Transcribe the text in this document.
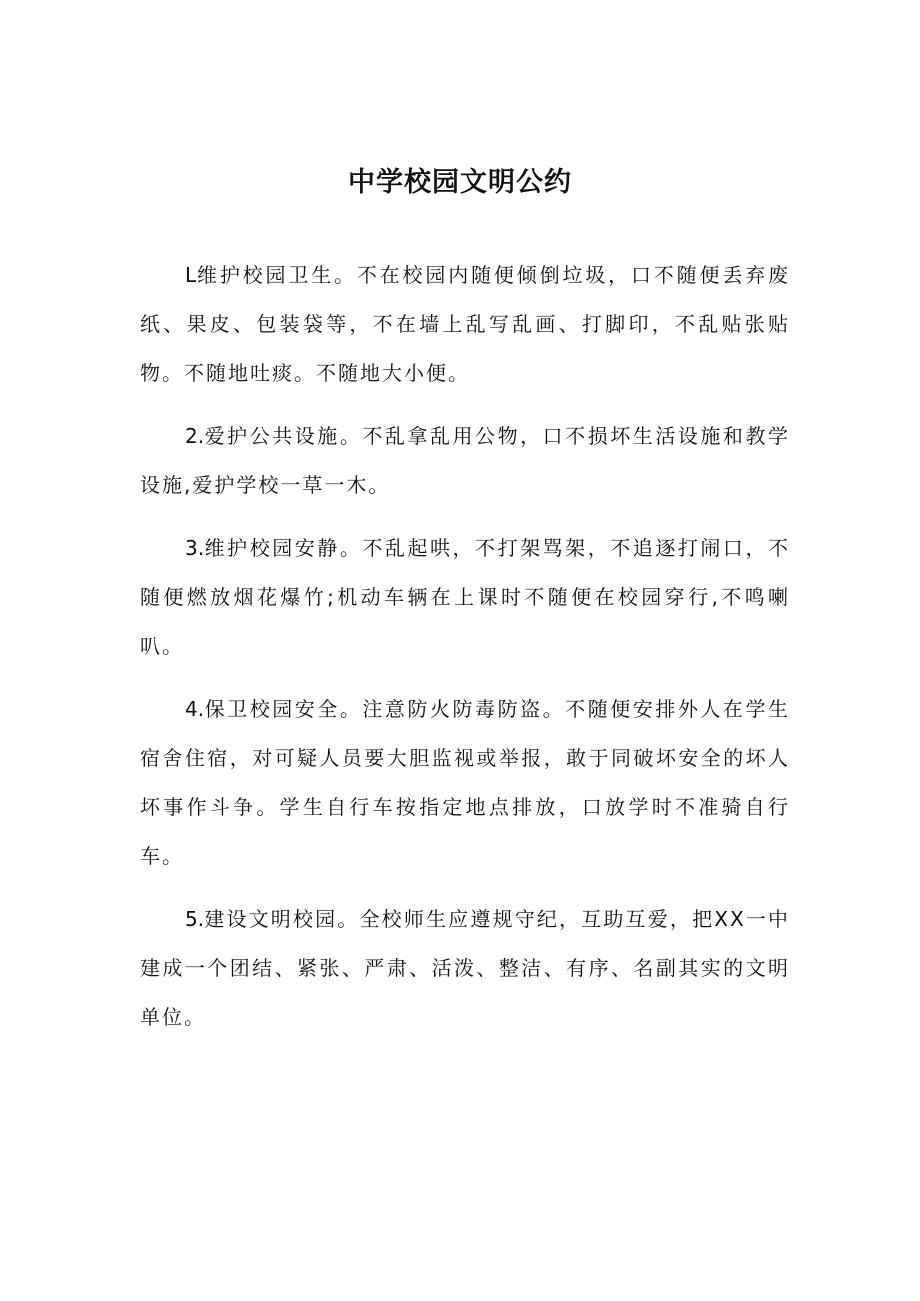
中学校园文明公约

L维护校园卫生。不在校园内随便倾倒垃圾，口不随便丢弃废纸、果皮、包装袋等，不在墙上乱写乱画、打脚印，不乱贴张贴物。不随地吐痰。不随地大小便。

2.爱护公共设施。不乱拿乱用公物，口不损坏生活设施和教学设施,爱护学校一草一木。

3.维护校园安静。不乱起哄，不打架骂架，不追逐打闹口，不随便燃放烟花爆竹;机动车辆在上课时不随便在校园穿行,不鸣喇叭。

4.保卫校园安全。注意防火防毒防盗。不随便安排外人在学生宿舍住宿，对可疑人员要大胆监视或举报，敢于同破坏安全的坏人坏事作斗争。学生自行车按指定地点排放，口放学时不准骑自行车。

5.建设文明校园。全校师生应遵规守纪，互助互爱，把XX一中建成一个团结、紧张、严肃、活泼、整洁、有序、名副其实的文明单位。
